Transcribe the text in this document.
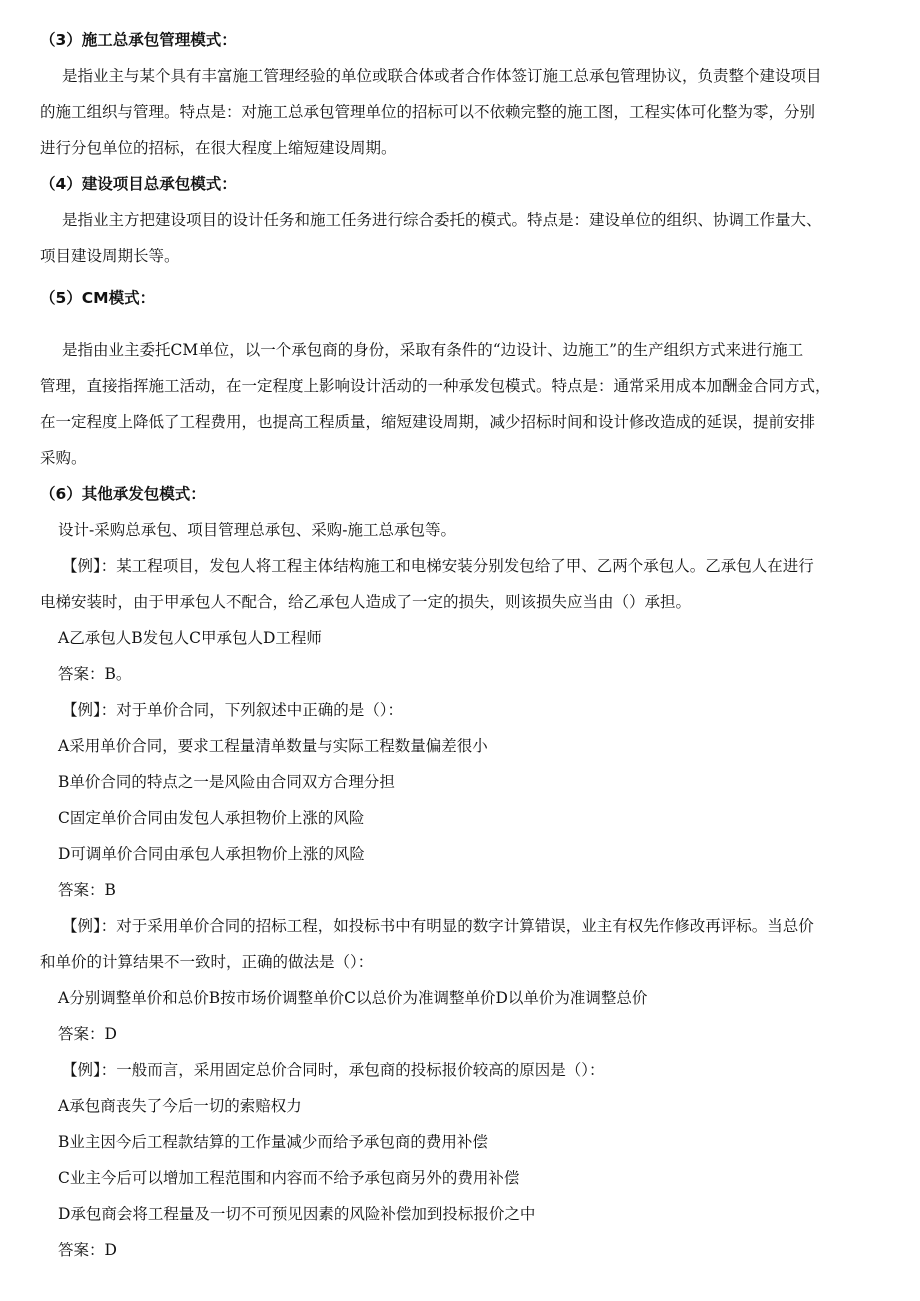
（3）施工总承包管理模式：
是指业主与某个具有丰富施工管理经验的单位或联合体或者合作体签订施工总承包管理协议，负责整个建设项目
的施工组织与管理。特点是：对施工总承包管理单位的招标可以不依赖完整的施工图，工程实体可化整为零，分别
进行分包单位的招标，在很大程度上缩短建设周期。
（4）建设项目总承包模式：
是指业主方把建设项目的设计任务和施工任务进行综合委托的模式。特点是：建设单位的组织、协调工作量大、
项目建设周期长等。
（5）CM模式：
是指由业主委托CM单位，以一个承包商的身份，采取有条件的“边设计、边施工”的生产组织方式来进行施工
管理，直接指挥施工活动，在一定程度上影响设计活动的一种承发包模式。特点是：通常采用成本加酬金合同方式，
在一定程度上降低了工程费用，也提高工程质量，缩短建设周期，减少招标时间和设计修改造成的延误，提前安排
采购。
（6）其他承发包模式：
设计-采购总承包、项目管理总承包、采购-施工总承包等。
【例】：某工程项目，发包人将工程主体结构施工和电梯安装分别发包给了甲、乙两个承包人。乙承包人在进行
电梯安装时，由于甲承包人不配合，给乙承包人造成了一定的损失，则该损失应当由（）承担。
A乙承包人B发包人C甲承包人D工程师
答案：B。
【例】：对于单价合同，下列叙述中正确的是（）：
A采用单价合同，要求工程量清单数量与实际工程数量偏差很小
B单价合同的特点之一是风险由合同双方合理分担
C固定单价合同由发包人承担物价上涨的风险
D可调单价合同由承包人承担物价上涨的风险
答案：B
【例】：对于采用单价合同的招标工程，如投标书中有明显的数字计算错误，业主有权先作修改再评标。当总价
和单价的计算结果不一致时，正确的做法是（）：
A分别调整单价和总价B按市场价调整单价C以总价为准调整单价D以单价为准调整总价
答案：D
【例】：一般而言，采用固定总价合同时，承包商的投标报价较高的原因是（）：
A承包商丧失了今后一切的索赔权力
B业主因今后工程款结算的工作量减少而给予承包商的费用补偿
C业主今后可以增加工程范围和内容而不给予承包商另外的费用补偿
D承包商会将工程量及一切不可预见因素的风险补偿加到投标报价之中
答案：D
